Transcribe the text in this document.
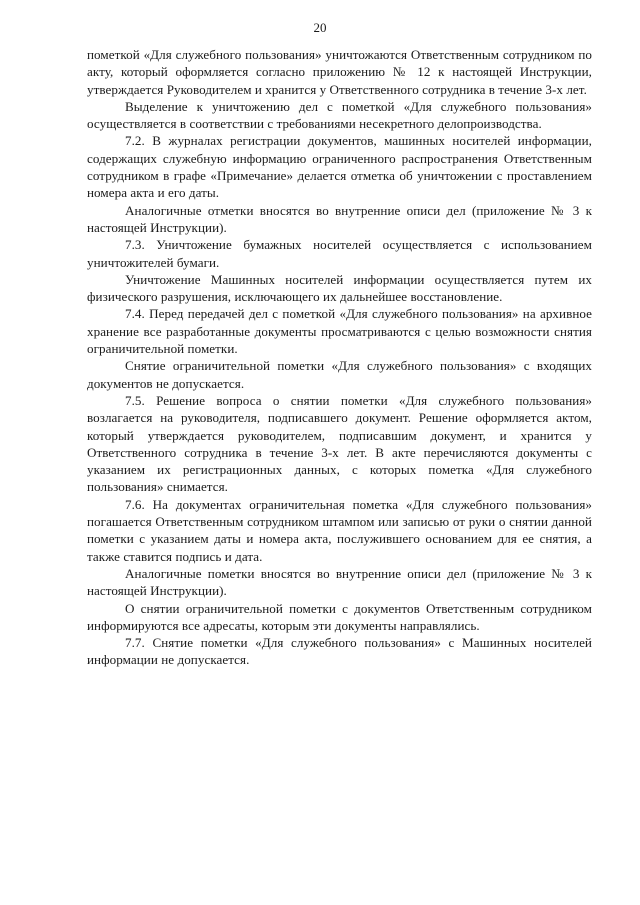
20

пометкой «Для служебного пользования» уничтожаются Ответственным сотрудником по акту, который оформляется согласно приложению № 12 к настоящей Инструкции, утверждается Руководителем и хранится у Ответственного сотрудника в течение 3-х лет.

Выделение к уничтожению дел с пометкой «Для служебного пользования» осуществляется в соответствии с требованиями несекретного делопроизводства.

7.2. В журналах регистрации документов, машинных носителей информации, содержащих служебную информацию ограниченного распространения Ответственным сотрудником в графе «Примечание» делается отметка об уничтожении с проставлением номера акта и его даты.

Аналогичные отметки вносятся во внутренние описи дел (приложение № 3 к настоящей Инструкции).

7.3. Уничтожение бумажных носителей осуществляется с использованием уничтожителей бумаги.

Уничтожение Машинных носителей информации осуществляется путем их физического разрушения, исключающего их дальнейшее восстановление.

7.4. Перед передачей дел с пометкой «Для служебного пользования» на архивное хранение все разработанные документы просматриваются с целью возможности снятия ограничительной пометки.

Снятие ограничительной пометки «Для служебного пользования» с входящих документов не допускается.

7.5. Решение вопроса о снятии пометки «Для служебного пользования» возлагается на руководителя, подписавшего документ. Решение оформляется актом, который утверждается руководителем, подписавшим документ, и хранится у Ответственного сотрудника в течение 3-х лет. В акте перечисляются документы с указанием их регистрационных данных, с которых пометка «Для служебного пользования» снимается.

7.6. На документах ограничительная пометка «Для служебного пользования» погашается Ответственным сотрудником штампом или записью от руки о снятии данной пометки с указанием даты и номера акта, послужившего основанием для ее снятия, а также ставится подпись и дата.

Аналогичные пометки вносятся во внутренние описи дел (приложение № 3 к настоящей Инструкции).

О снятии ограничительной пометки с документов Ответственным сотрудником информируются все адресаты, которым эти документы направлялись.

7.7. Снятие пометки «Для служебного пользования» с Машинных носителей информации не допускается.
